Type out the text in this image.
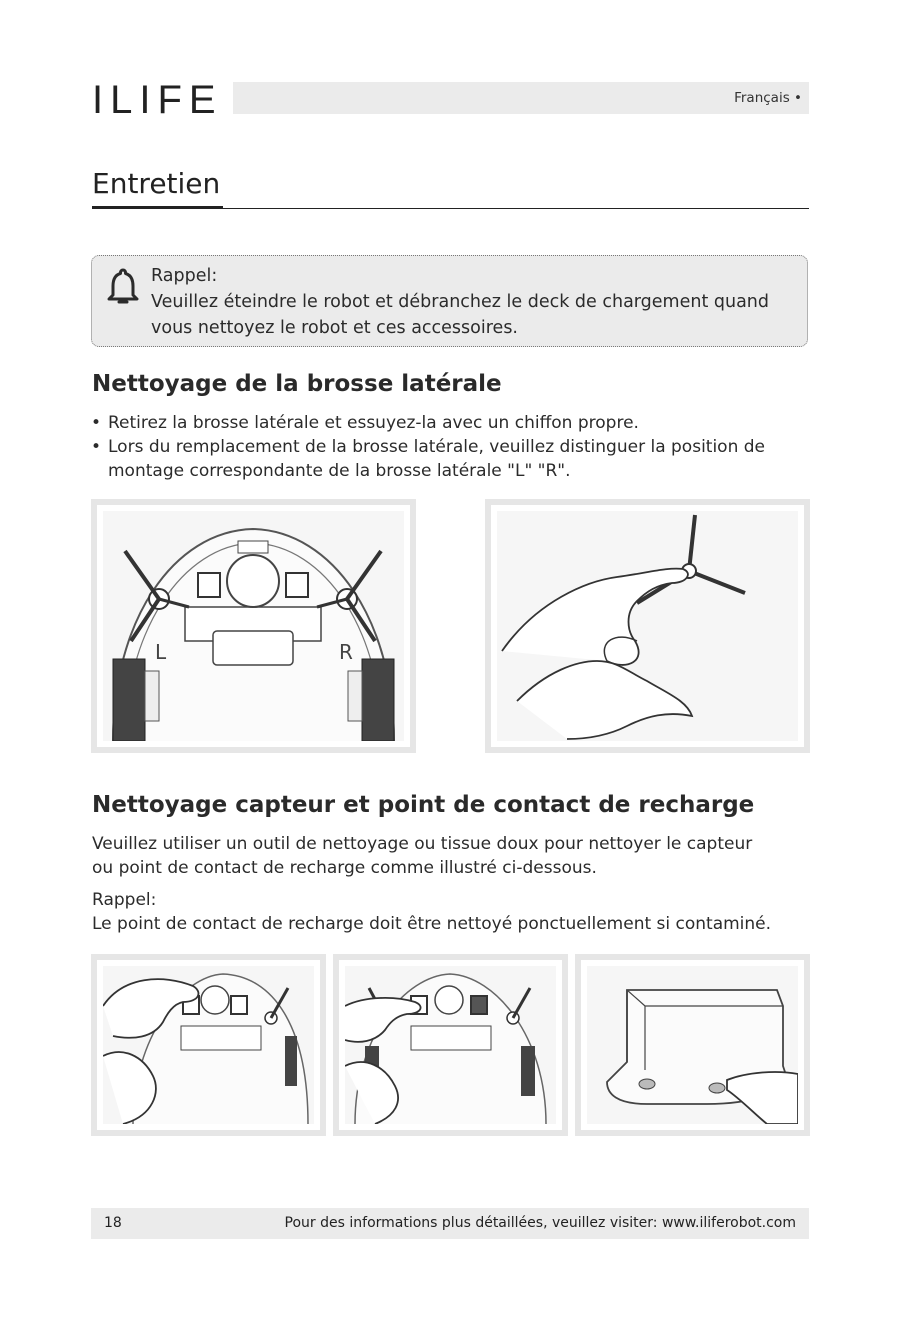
ILIFE	Français •
Entretien
Rappel:
Veuillez éteindre le robot et débranchez le deck de chargement quand
vous nettoyez le robot et ces accessoires.
Nettoyage de la brosse latérale
• Retirez la brosse latérale et essuyez-la avec un chiffon propre.
• Lors du remplacement de la brosse latérale, veuillez distinguer la position de
montage correspondante de la brosse latérale "L" "R".
L	R
Nettoyage capteur et point de contact de recharge
Veuillez utiliser un outil de nettoyage ou tissue doux pour nettoyer le capteur
ou point de contact de recharge comme illustré ci-dessous.
Rappel:
Le point de contact de recharge doit être nettoyé ponctuellement si contaminé.
18	Pour des informations plus détaillées, veuillez visiter: www.iliferobot.com
